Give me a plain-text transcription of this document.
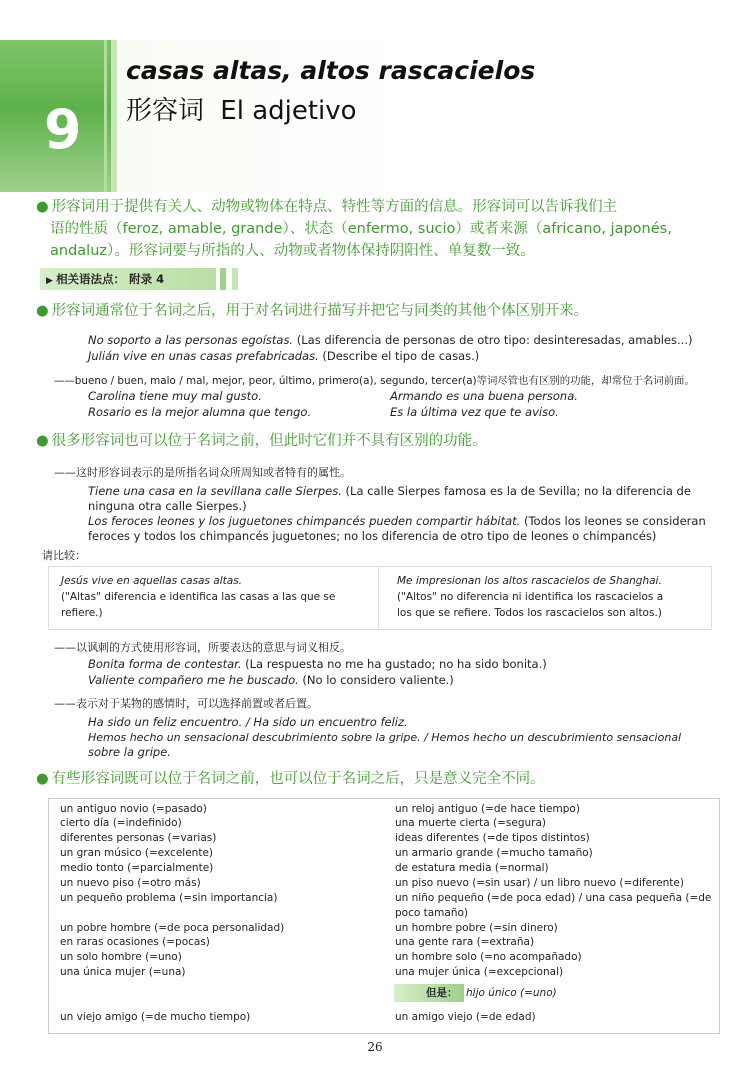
9
casas altas, altos rascacielos
形容词 El adjetivo
● 形容词用于提供有关人、动物或物体在特点、特性等方面的信息。形容词可以告诉我们主
语的性质（feroz, amable, grande）、状态（enfermo, sucio）或者来源（africano, japonés,
andaluz）。形容词要与所指的人、动物或者物体保持阴阳性、单复数一致。
▶ 相关语法点： 附录 4
● 形容词通常位于名词之后，用于对名词进行描写并把它与同类的其他个体区别开来。
No soporto a las personas egoístas. (Las diferencia de personas de otro tipo: desinteresadas, amables...)
Julián vive en unas casas prefabricadas. (Describe el tipo de casas.)
——bueno / buen, malo / mal, mejor, peor, último, primero(a), segundo, tercer(a)等词尽管也有区别的功能，却常位于名词前面。
Carolina tiene muy mal gusto.	Armando es una buena persona.
Rosario es la mejor alumna que tengo.	Es la última vez que te aviso.
● 很多形容词也可以位于名词之前，但此时它们并不具有区别的功能。
——这时形容词表示的是所指名词众所周知或者特有的属性。
Tiene una casa en la sevillana calle Sierpes. (La calle Sierpes famosa es la de Sevilla; no la diferencia de
ninguna otra calle Sierpes.)
Los feroces leones y los juguetones chimpancés pueden compartir hábitat. (Todos los leones se consideran
feroces y todos los chimpancés juguetones; no los diferencia de otro tipo de leones o chimpancés)
请比较：
Jesús vive en aquellas casas altas.
("Altas" diferencia e identifica las casas a las que se
refiere.)
Me impresionan los altos rascacielos de Shanghai.
("Altos" no diferencia ni identifica los rascacielos a
los que se refiere. Todos los rascacielos son altos.)
——以讽刺的方式使用形容词，所要表达的意思与词义相反。
Bonita forma de contestar. (La respuesta no me ha gustado; no ha sido bonita.)
Valiente compañero me he buscado. (No lo considero valiente.)
——表示对于某物的感情时，可以选择前置或者后置。
Ha sido un feliz encuentro. / Ha sido un encuentro feliz.
Hemos hecho un sensacional descubrimiento sobre la gripe. / Hemos hecho un descubrimiento sensacional
sobre la gripe.
● 有些形容词既可以位于名词之前，也可以位于名词之后，只是意义完全不同。
un antiguo novio (=pasado)
cierto día (=indefinido)
diferentes personas (=varias)
un gran músico (=excelente)
medio tonto (=parcialmente)
un nuevo piso (=otro más)
un pequeño problema (=sin importancia)
un pobre hombre (=de poca personalidad)
en raras ocasiones (=pocas)
un solo hombre (=uno)
una única mujer (=una)
un viejo amigo (=de mucho tiempo)
un reloj antiguo (=de hace tiempo)
una muerte cierta (=segura)
ideas diferentes (=de tipos distintos)
un armario grande (=mucho tamaño)
de estatura media (=normal)
un piso nuevo (=sin usar) / un libro nuevo (=diferente)
un niño pequeño (=de poca edad) / una casa pequeña (=de
poco tamaño)
un hombre pobre (=sin dinero)
una gente rara (=extraña)
un hombre solo (=no acompañado)
una mujer única (=excepcional)
但是： hijo único (=uno)
un amigo viejo (=de edad)
26
